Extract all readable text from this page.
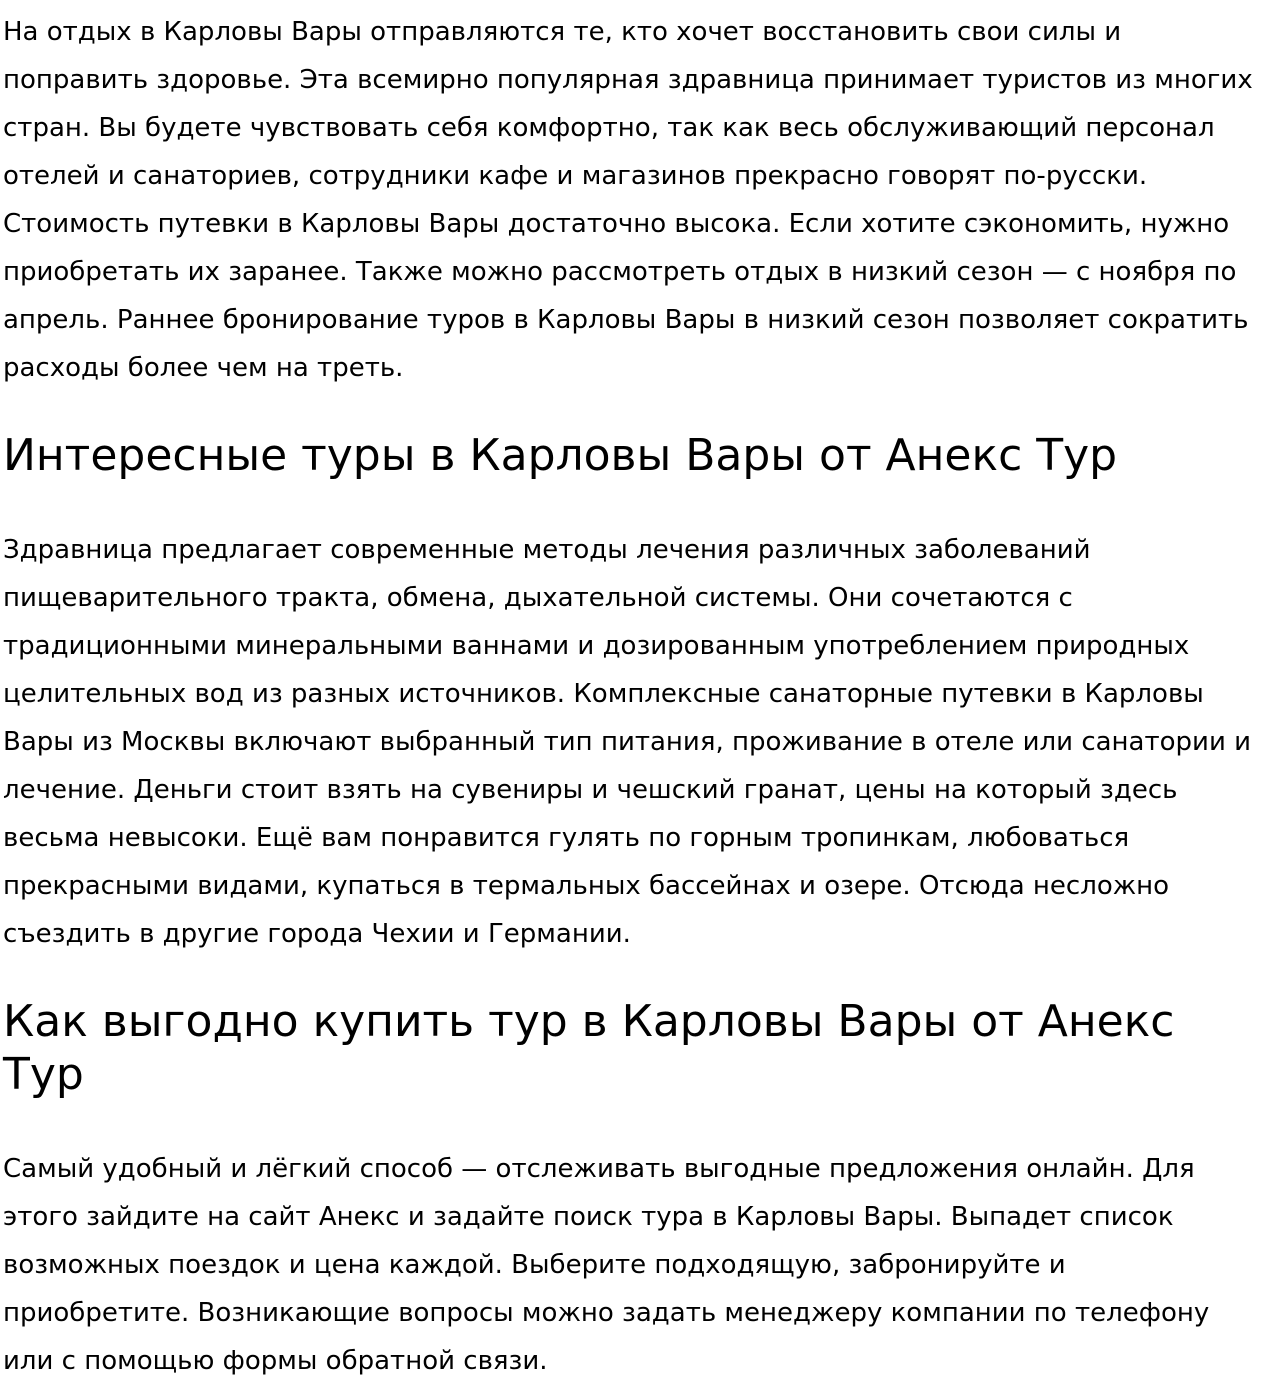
На отдых в Карловы Вары отправляются те, кто хочет восстановить свои силы и поправить здоровье. Эта всемирно популярная здравница принимает туристов из многих стран. Вы будете чувствовать себя комфортно, так как весь обслуживающий персонал отелей и санаториев, сотрудники кафе и магазинов прекрасно говорят по-русски.

Стоимость путевки в Карловы Вары достаточно высока. Если хотите сэкономить, нужно приобретать их заранее. Также можно рассмотреть отдых в низкий сезон — с ноября по апрель. Раннее бронирование туров в Карловы Вары в низкий сезон позволяет сократить расходы более чем на треть.

Интересные туры в Карловы Вары от Анекс Тур

Здравница предлагает современные методы лечения различных заболеваний пищеварительного тракта, обмена, дыхательной системы. Они сочетаются с традиционными минеральными ваннами и дозированным употреблением природных целительных вод из разных источников. Комплексные санаторные путевки в Карловы Вары из Москвы включают выбранный тип питания, проживание в отеле или санатории и лечение. Деньги стоит взять на сувениры и чешский гранат, цены на который здесь весьма невысоки. Ещё вам понравится гулять по горным тропинкам, любоваться прекрасными видами, купаться в термальных бассейнах и озере. Отсюда несложно съездить в другие города Чехии и Германии.

Как выгодно купить тур в Карловы Вары от Анекс Тур

Самый удобный и лёгкий способ — отслеживать выгодные предложения онлайн. Для этого зайдите на сайт Анекс и задайте поиск тура в Карловы Вары. Выпадет список возможных поездок и цена каждой. Выберите подходящую, забронируйте и приобретите. Возникающие вопросы можно задать менеджеру компании по телефону или с помощью формы обратной связи.
